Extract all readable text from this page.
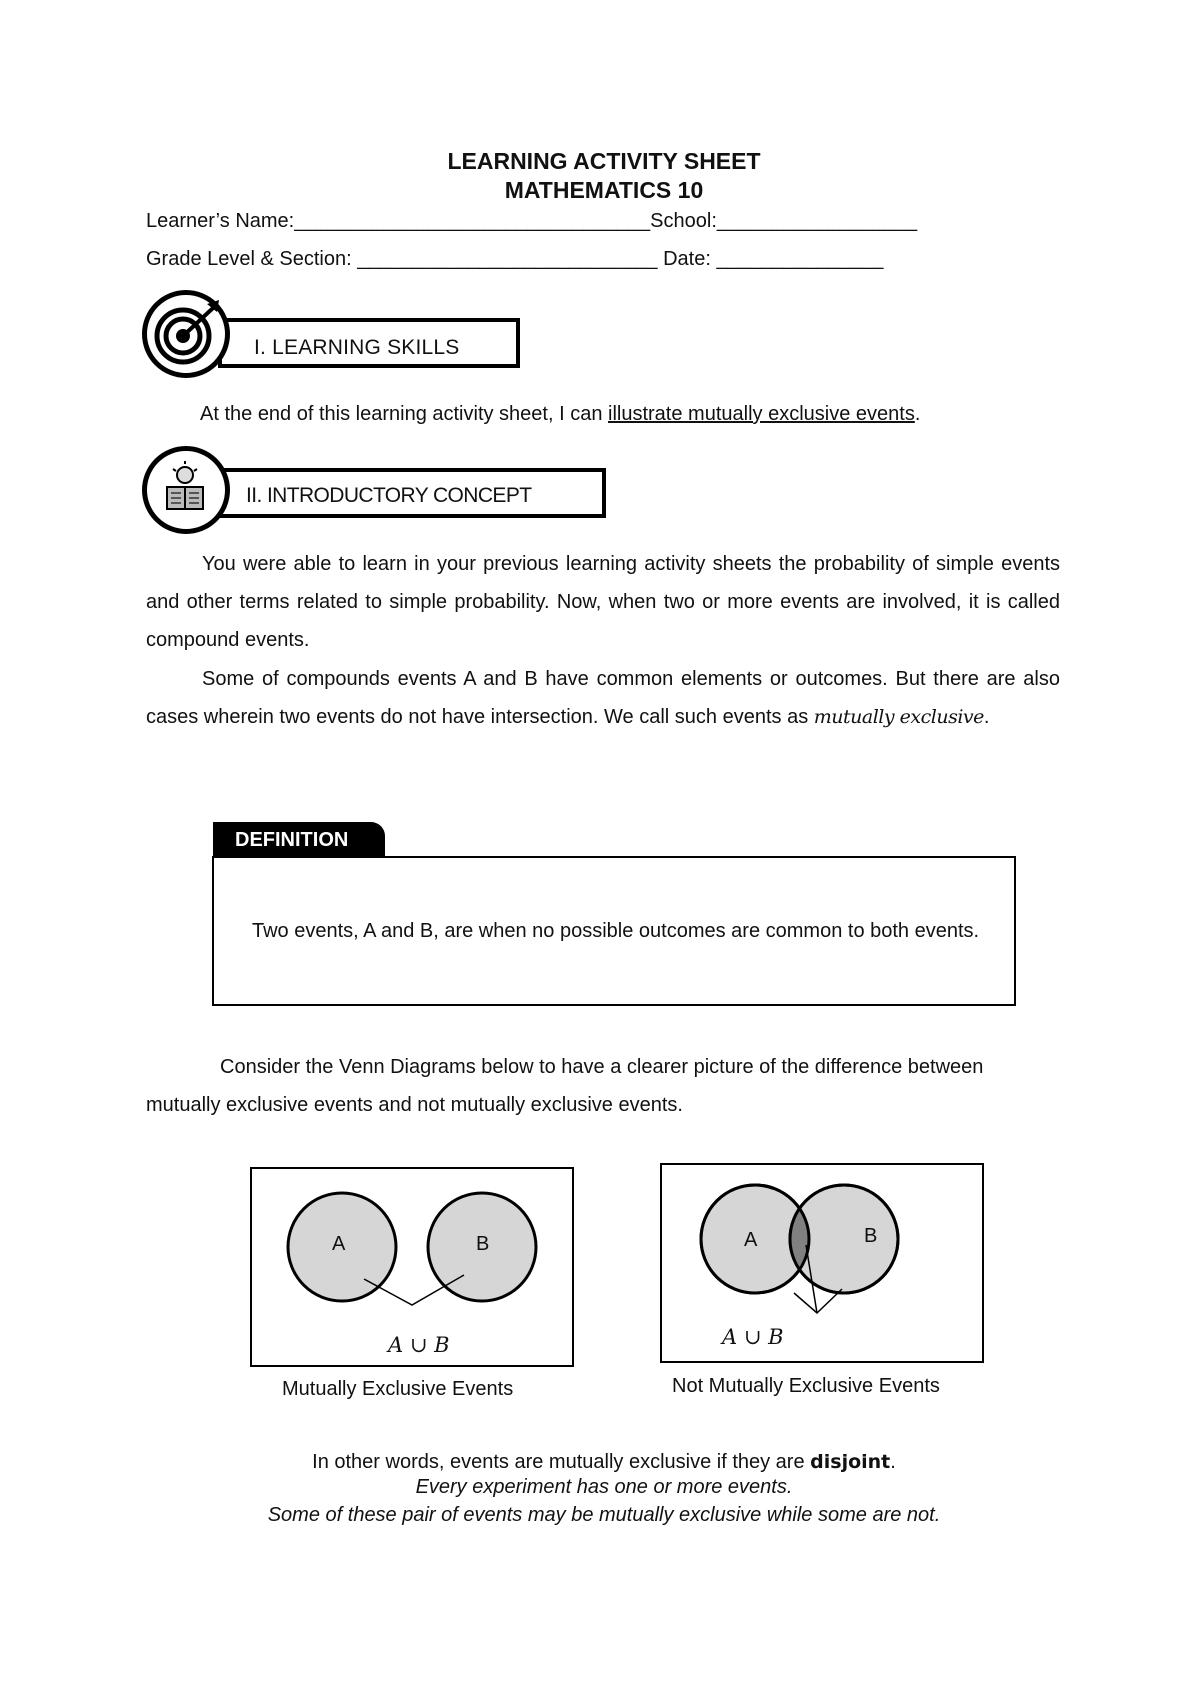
LEARNING ACTIVITY SHEET
MATHEMATICS 10
Learner’s Name:________________________________School:__________________
Grade Level & Section: ___________________________ Date: _______________
I. LEARNING SKILLS
At the end of this learning activity sheet, I can illustrate mutually exclusive events.
II. INTRODUCTORY CONCEPT
You were able to learn in your previous learning activity sheets the probability of simple events and other terms related to simple probability. Now, when two or more events are involved, it is called compound events.
Some of compounds events A and B have common elements or outcomes. But there are also cases wherein two events do not have intersection. We call such events as mutually exclusive.
DEFINITION
Two events, A and B, are when no possible outcomes are common to both events.
Consider the Venn Diagrams below to have a clearer picture of the difference between mutually exclusive events and not mutually exclusive events.
A	B
A ∪ B
Mutually Exclusive Events
A	B
A ∪ B
Not Mutually Exclusive Events
In other words, events are mutually exclusive if they are disjoint.
Every experiment has one or more events.
Some of these pair of events may be mutually exclusive while some are not.
